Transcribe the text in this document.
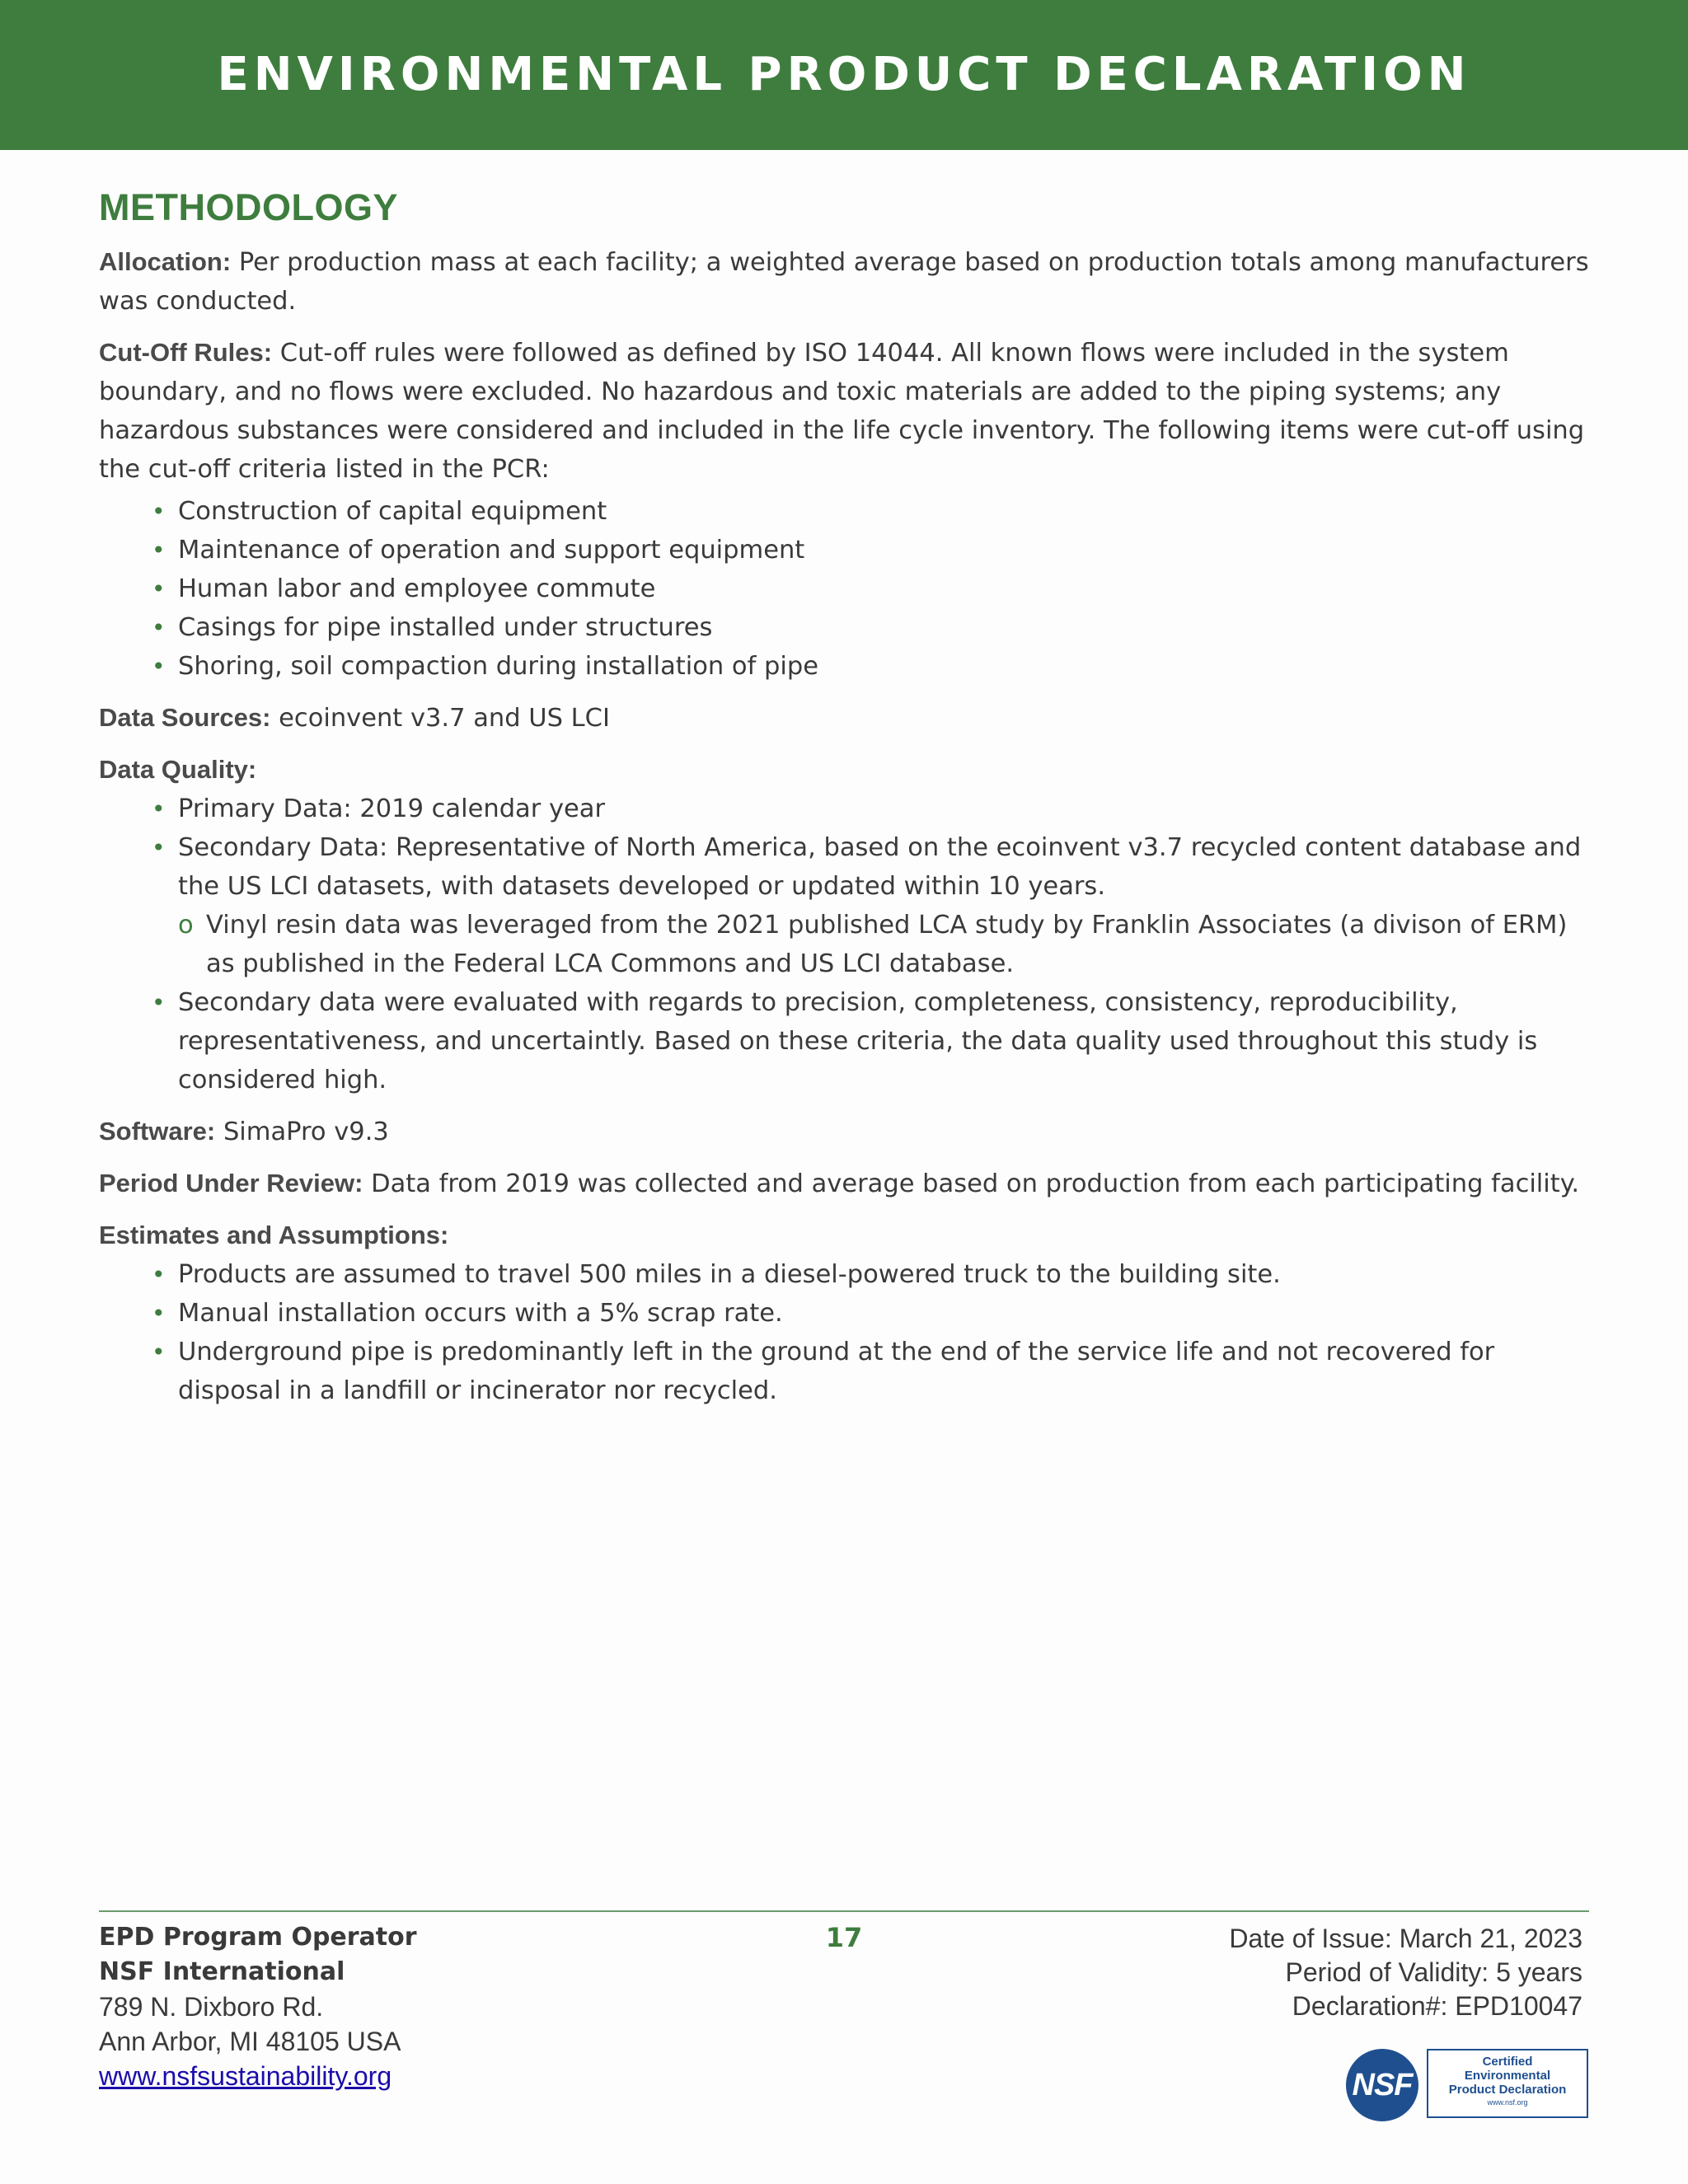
ENVIRONMENTAL PRODUCT DECLARATION
METHODOLOGY

Allocation: Per production mass at each facility; a weighted average based on production totals among manufacturers was conducted.

Cut-Off Rules: Cut-off rules were followed as defined by ISO 14044. All known flows were included in the system boundary, and no flows were excluded. No hazardous and toxic materials are added to the piping systems; any hazardous substances were considered and included in the life cycle inventory. The following items were cut-off using the cut-off criteria listed in the PCR:

• Construction of capital equipment
• Maintenance of operation and support equipment
• Human labor and employee commute
• Casings for pipe installed under structures
• Shoring, soil compaction during installation of pipe

Data Sources: ecoinvent v3.7 and US LCI

Data Quality:

• Primary Data: 2019 calendar year
• Secondary Data: Representative of North America, based on the ecoinvent v3.7 recycled content database and the US LCI datasets, with datasets developed or updated within 10 years.
o Vinyl resin data was leveraged from the 2021 published LCA study by Franklin Associates (a divison of ERM) as published in the Federal LCA Commons and US LCI database.
• Secondary data were evaluated with regards to precision, completeness, consistency, reproducibility, representativeness, and uncertaintly. Based on these criteria, the data quality used throughout this study is considered high.

Software: SimaPro v9.3

Period Under Review: Data from 2019 was collected and average based on production from each participating facility.

Estimates and Assumptions:

• Products are assumed to travel 500 miles in a diesel-powered truck to the building site.
• Manual installation occurs with a 5% scrap rate.
• Underground pipe is predominantly left in the ground at the end of the service life and not recovered for disposal in a landfill or incinerator nor recycled.
EPD Program Operator
NSF International
789 N. Dixboro Rd.
Ann Arbor, MI 48105 USA
www.nsfsustainability.org
17	Date of Issue: March 21, 2023
Period of Validity: 5 years
Declaration#: EPD10047
NSF
Certified
Environmental
Product Declaration
www.nsf.org
